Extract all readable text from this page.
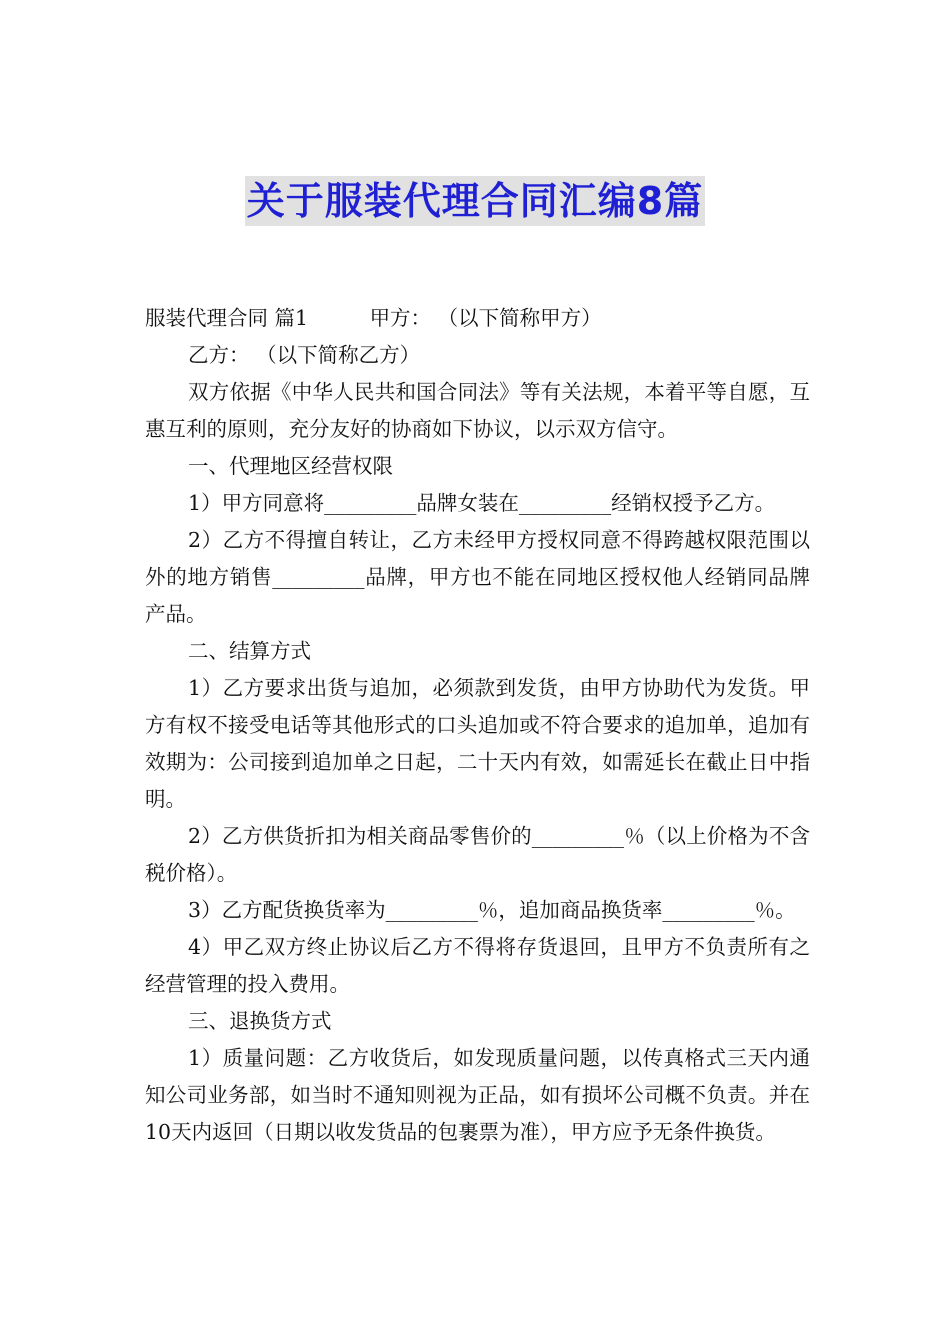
关于服装代理合同汇编8篇

服装代理合同 篇1	甲方： （以下简称甲方）

乙方： （以下简称乙方）

双方依据《中华人民共和国合同法》等有关法规，本着平等自愿，互惠互利的原则，充分友好的协商如下协议，以示双方信守。

一、代理地区经营权限

1）甲方同意将_________品牌女装在_________经销权授予乙方。

2）乙方不得擅自转让，乙方未经甲方授权同意不得跨越权限范围以外的地方销售_________品牌，甲方也不能在同地区授权他人经销同品牌产品。

二、结算方式

1）乙方要求出货与追加，必须款到发货，由甲方协助代为发货。甲方有权不接受电话等其他形式的口头追加或不符合要求的追加单，追加有效期为：公司接到追加单之日起，二十天内有效，如需延长在截止日中指明。

2）乙方供货折扣为相关商品零售价的_________％（以上价格为不含税价格）。

3）乙方配货换货率为_________％，追加商品换货率_________％。

4）甲乙双方终止协议后乙方不得将存货退回，且甲方不负责所有之经营管理的投入费用。

三、退换货方式

1）质量问题：乙方收货后，如发现质量问题，以传真格式三天内通知公司业务部，如当时不通知则视为正品，如有损坏公司概不负责。并在10天内返回（日期以收发货品的包裹票为准），甲方应予无条件换货。
